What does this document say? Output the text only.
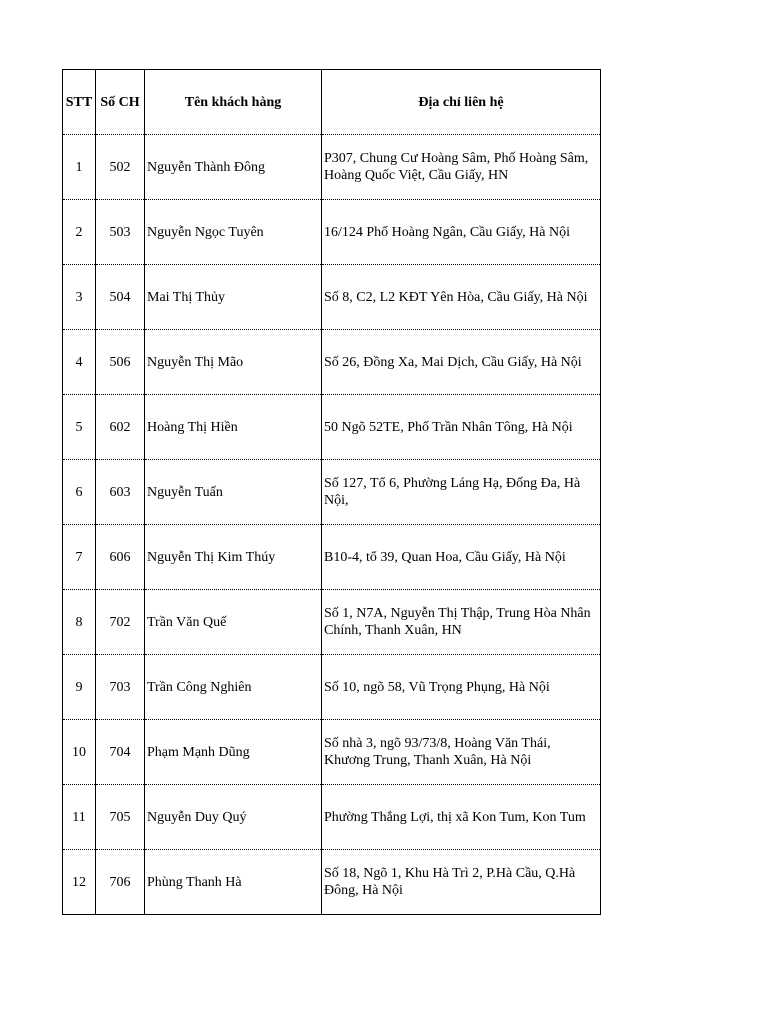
STT	Số CH	Tên khách hàng	Địa chỉ liên hệ
1	502	Nguyễn Thành Đông	P307, Chung Cư Hoàng Sâm, Phố Hoàng Sâm, Hoàng Quốc Việt, Cầu Giấy, HN
2	503	Nguyễn Ngọc Tuyên	16/124 Phố Hoàng Ngân, Cầu Giấy, Hà Nội
3	504	Mai Thị Thủy	Số 8, C2, L2 KĐT Yên Hòa, Cầu Giấy, Hà Nội
4	506	Nguyễn Thị Mão	Số 26, Đồng Xa, Mai Dịch, Cầu Giấy, Hà Nội
5	602	Hoàng Thị Hiền	50 Ngõ 52TE, Phố Trần Nhân Tông, Hà Nội
6	603	Nguyễn Tuấn	Số 127, Tổ 6, Phường Láng Hạ, Đống Đa, Hà Nội,
7	606	Nguyễn Thị Kim Thúy	B10-4, tổ 39, Quan Hoa, Cầu Giấy, Hà Nội
8	702	Trần Văn Quế	Số 1, N7A, Nguyễn Thị Thập, Trung Hòa Nhân Chính, Thanh Xuân, HN
9	703	Trần Công Nghiên	Số 10, ngõ 58, Vũ Trọng Phụng, Hà Nội
10	704	Phạm Mạnh Dũng	Số nhà 3, ngõ 93/73/8, Hoàng Văn Thái, Khương Trung, Thanh Xuân, Hà Nội
11	705	Nguyễn Duy Quý	Phường Thắng Lợi, thị xã Kon Tum, Kon Tum
12	706	Phùng Thanh Hà	Số 18, Ngõ 1, Khu Hà Trì 2, P.Hà Cầu, Q.Hà Đông, Hà Nội
